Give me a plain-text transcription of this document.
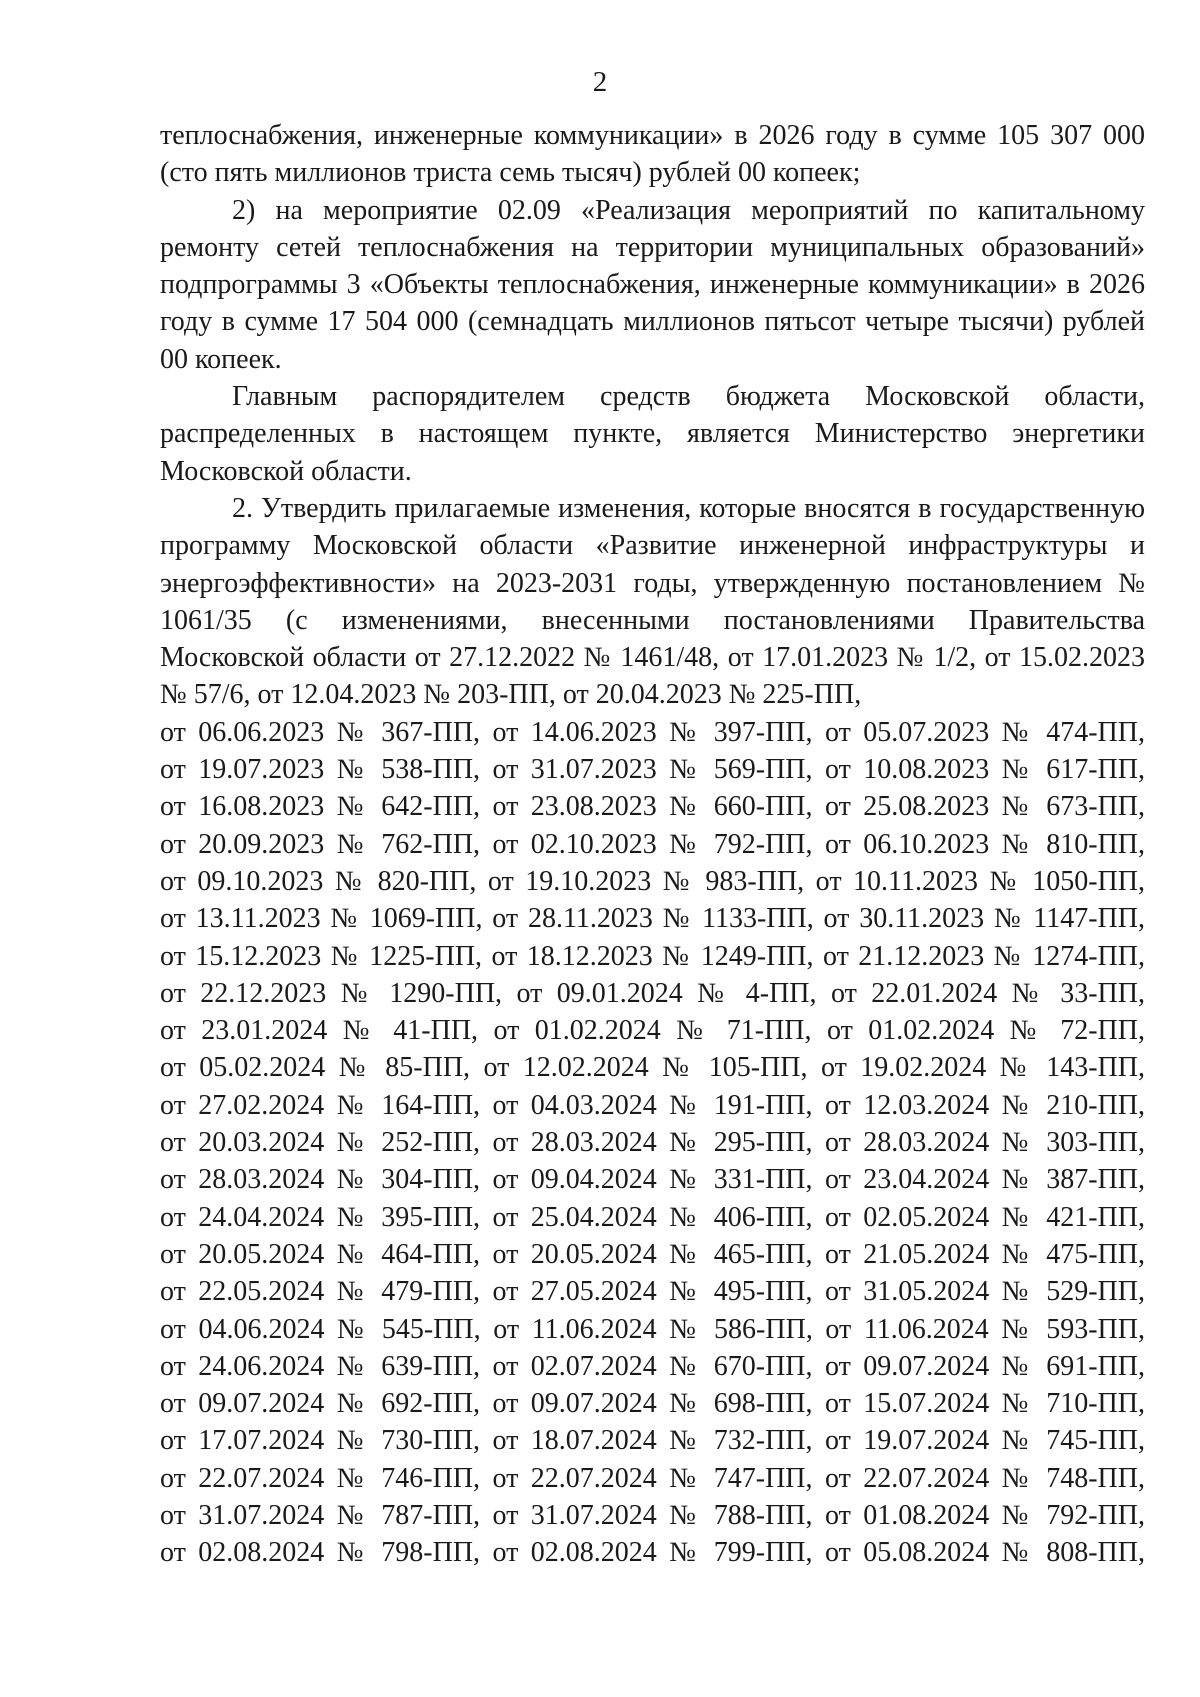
2

теплоснабжения, инженерные коммуникации» в 2026 году в сумме 105 307 000 (сто пять миллионов триста семь тысяч) рублей 00 копеек;

2) на мероприятие 02.09 «Реализация мероприятий по капитальному ремонту сетей теплоснабжения на территории муниципальных образований» подпрограммы 3 «Объекты теплоснабжения, инженерные коммуникации» в 2026 году в сумме 17 504 000 (семнадцать миллионов пятьсот четыре тысячи) рублей 00 копеек.

Главным распорядителем средств бюджета Московской области, распределенных в настоящем пункте, является Министерство энергетики Московской области.

2. Утвердить прилагаемые изменения, которые вносятся в государственную программу Московской области «Развитие инженерной инфраструктуры и энергоэффективности» на 2023-2031 годы, утвержденную постановлением № 1061/35 (с изменениями, внесенными постановлениями Правительства Московской области от 27.12.2022 № 1461/48, от 17.01.2023 № 1/2, от 15.02.2023 № 57/6, от 12.04.2023 № 203-ПП, от 20.04.2023 № 225-ПП,

от 06.06.2023 № 367-ПП, от 14.06.2023 № 397-ПП, от 05.07.2023 № 474-ПП,
от 19.07.2023 № 538-ПП, от 31.07.2023 № 569-ПП, от 10.08.2023 № 617-ПП,
от 16.08.2023 № 642-ПП, от 23.08.2023 № 660-ПП, от 25.08.2023 № 673-ПП,
от 20.09.2023 № 762-ПП, от 02.10.2023 № 792-ПП, от 06.10.2023 № 810-ПП,
от 09.10.2023 № 820-ПП, от 19.10.2023 № 983-ПП, от 10.11.2023 № 1050-ПП,
от 13.11.2023 № 1069-ПП, от 28.11.2023 № 1133-ПП, от 30.11.2023 № 1147-ПП,
от 15.12.2023 № 1225-ПП, от 18.12.2023 № 1249-ПП, от 21.12.2023 № 1274-ПП,
от 22.12.2023 № 1290-ПП, от 09.01.2024 № 4-ПП, от 22.01.2024 № 33-ПП,
от 23.01.2024 № 41-ПП, от 01.02.2024 № 71-ПП, от 01.02.2024 № 72-ПП,
от 05.02.2024 № 85-ПП, от 12.02.2024 № 105-ПП, от 19.02.2024 № 143-ПП,
от 27.02.2024 № 164-ПП, от 04.03.2024 № 191-ПП, от 12.03.2024 № 210-ПП,
от 20.03.2024 № 252-ПП, от 28.03.2024 № 295-ПП, от 28.03.2024 № 303-ПП,
от 28.03.2024 № 304-ПП, от 09.04.2024 № 331-ПП, от 23.04.2024 № 387-ПП,
от 24.04.2024 № 395-ПП, от 25.04.2024 № 406-ПП, от 02.05.2024 № 421-ПП,
от 20.05.2024 № 464-ПП, от 20.05.2024 № 465-ПП, от 21.05.2024 № 475-ПП,
от 22.05.2024 № 479-ПП, от 27.05.2024 № 495-ПП, от 31.05.2024 № 529-ПП,
от 04.06.2024 № 545-ПП, от 11.06.2024 № 586-ПП, от 11.06.2024 № 593-ПП,
от 24.06.2024 № 639-ПП, от 02.07.2024 № 670-ПП, от 09.07.2024 № 691-ПП,
от 09.07.2024 № 692-ПП, от 09.07.2024 № 698-ПП, от 15.07.2024 № 710-ПП,
от 17.07.2024 № 730-ПП, от 18.07.2024 № 732-ПП, от 19.07.2024 № 745-ПП,
от 22.07.2024 № 746-ПП, от 22.07.2024 № 747-ПП, от 22.07.2024 № 748-ПП,
от 31.07.2024 № 787-ПП, от 31.07.2024 № 788-ПП, от 01.08.2024 № 792-ПП,
от 02.08.2024 № 798-ПП, от 02.08.2024 № 799-ПП, от 05.08.2024 № 808-ПП,
